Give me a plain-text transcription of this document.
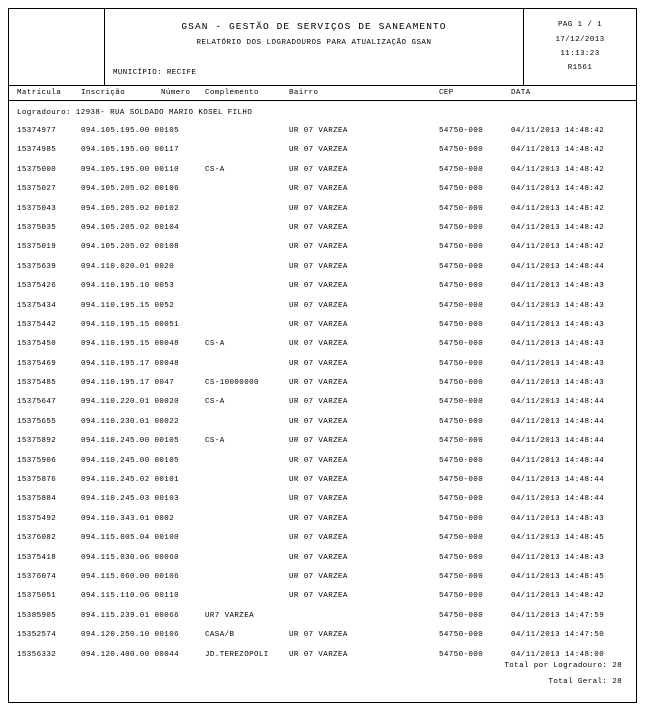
GSAN - GESTÃO DE SERVIÇOS DE SANEAMENTO
RELATÓRIO DOS LOGRADOUROS PARA ATUALIZAÇÃO GSAN
MUNICÍPIO: RECIFE
PAG 1 / 1
17/12/2013
11:13:23
R1561
Matrícula	Inscrição	Número Complemento	Bairro	CEP	DATA
Logradouro: 12938- RUA SOLDADO MARIO KOSEL FILHO
15374977	094.105.195.00 00105	UR 07 VARZEA	54750-000	04/11/2013 14:48:42
15374985	094.105.195.00 00117	UR 07 VARZEA	54750-000	04/11/2013 14:48:42
15375000	094.105.195.00 00110	CS-A	UR 07 VARZEA	54750-000	04/11/2013 14:48:42
15375027	094.105.205.02 00106	UR 07 VARZEA	54750-000	04/11/2013 14:48:42
15375043	094.105.205.02 00102	UR 07 VARZEA	54750-000	04/11/2013 14:48:42
15375035	094.105.205.02 00104	UR 07 VARZEA	54750-000	04/11/2013 14:48:42
15375019	094.105.205.02 00108	UR 07 VARZEA	54750-000	04/11/2013 14:48:42
15375639	094.110.020.01 0020	UR 07 VARZEA	54750-000	04/11/2013 14:48:44
15375426	094.110.195.10 0053	UR 07 VARZEA	54750-000	04/11/2013 14:48:43
15375434	094.110.195.15 0052	UR 07 VARZEA	54750-000	04/11/2013 14:48:43
15375442	094.110.195.15 00051	UR 07 VARZEA	54750-000	04/11/2013 14:48:43
15375450	094.110.195.15 00048	CS-A	UR 07 VARZEA	54750-000	04/11/2013 14:48:43
15375469	094.110.195.17 00048	UR 07 VARZEA	54750-000	04/11/2013 14:48:43
15375485	094.110.195.17 0047	CS-10000000	UR 07 VARZEA	54750-000	04/11/2013 14:48:43
15375647	094.110.220.01 00020	CS-A	UR 07 VARZEA	54750-000	04/11/2013 14:48:44
15375655	094.110.230.01 00022	UR 07 VARZEA	54750-000	04/11/2013 14:48:44
15375892	094.110.245.00 00105	CS-A	UR 07 VARZEA	54750-000	04/11/2013 14:48:44
15375906	094.110.245.00 00105	UR 07 VARZEA	54750-000	04/11/2013 14:48:44
15375876	094.110.245.02 00101	UR 07 VARZEA	54750-000	04/11/2013 14:48:44
15375884	094.110.245.03 00103	UR 07 VARZEA	54750-000	04/11/2013 14:48:44
15375492	094.110.343.01 0002	UR 07 VARZEA	54750-000	04/11/2013 14:48:43
15376082	094.115.005.04 00100	UR 07 VARZEA	54750-000	04/11/2013 14:48:45
15375418	094.115.030.06 00060	UR 07 VARZEA	54750-000	04/11/2013 14:48:43
15376074	094.115.060.00 00106	UR 07 VARZEA	54750-000	04/11/2013 14:48:45
15375051	094.115.110.06 00110	UR 07 VARZEA	54750-000	04/11/2013 14:48:42
15385905	094.115.239.01 00066	UR7 VARZEA	54750-000	04/11/2013 14:47:59
15352574	094.120.250.10 00106	CASA/B	UR 07 VARZEA	54750-000	04/11/2013 14:47:50
15356332	094.120.400.00 00044	JD.TEREZOPOLI	UR 07 VARZEA	54750-000	04/11/2013 14:48:00
Total por Logradouro: 28
Total Geral: 28
